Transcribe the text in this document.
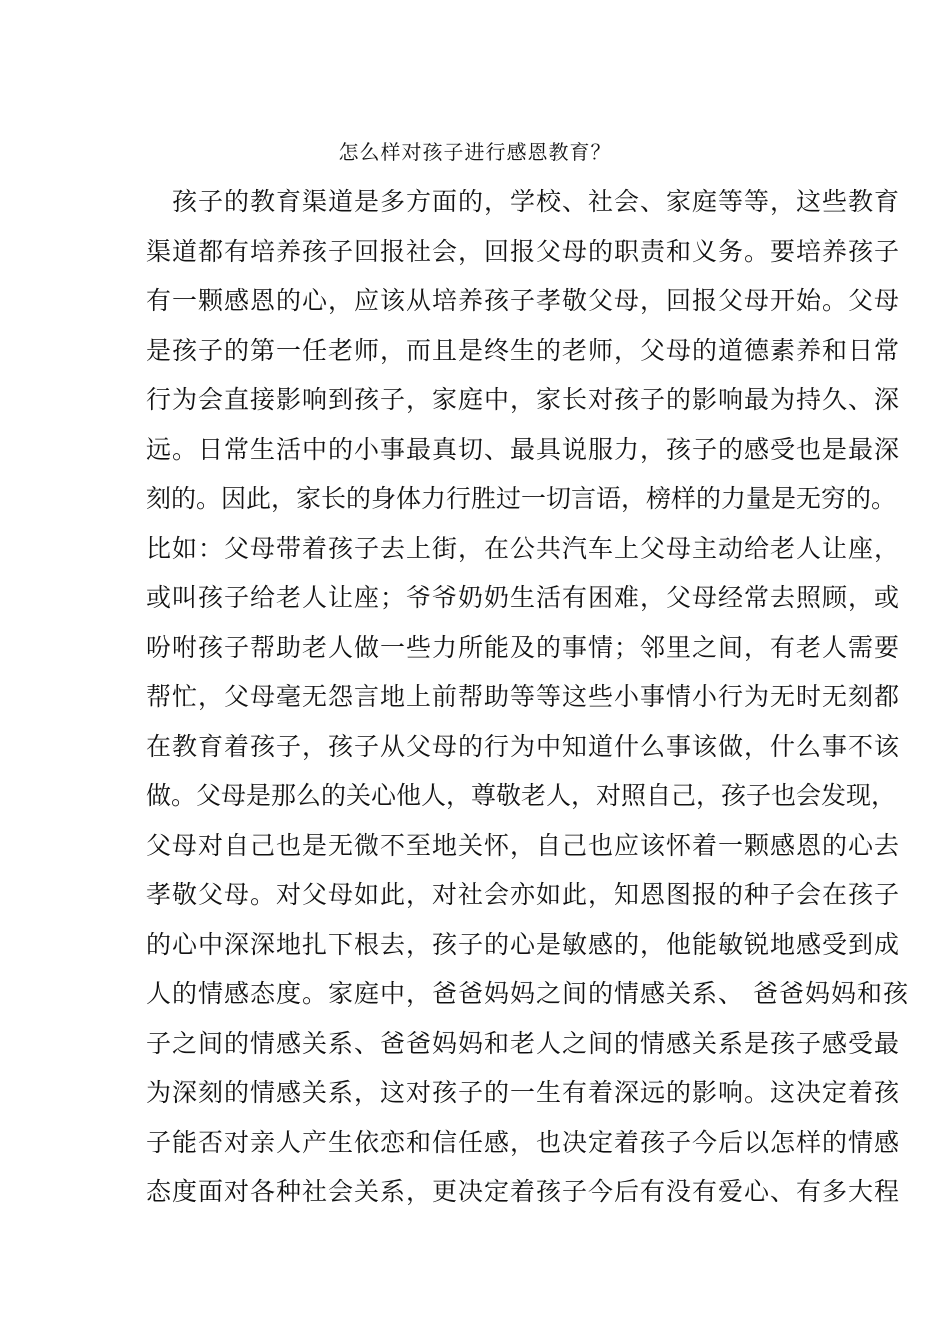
怎么样对孩子进行感恩教育？
孩子的教育渠道是多方面的，学校、社会、家庭等等，这些教育
渠道都有培养孩子回报社会，回报父母的职责和义务。要培养孩子
有一颗感恩的心，应该从培养孩子孝敬父母，回报父母开始。父母
是孩子的第一任老师，而且是终生的老师，父母的道德素养和日常
行为会直接影响到孩子，家庭中，家长对孩子的影响最为持久、深
远。日常生活中的小事最真切、最具说服力，孩子的感受也是最深
刻的。因此，家长的身体力行胜过一切言语，榜样的力量是无穷的。
比如：父母带着孩子去上街，在公共汽车上父母主动给老人让座，
或叫孩子给老人让座；爷爷奶奶生活有困难，父母经常去照顾，或
吩咐孩子帮助老人做一些力所能及的事情；邻里之间，有老人需要
帮忙，父母毫无怨言地上前帮助等等这些小事情小行为无时无刻都
在教育着孩子，孩子从父母的行为中知道什么事该做，什么事不该
做。父母是那么的关心他人，尊敬老人，对照自己，孩子也会发现，
父母对自己也是无微不至地关怀，自己也应该怀着一颗感恩的心去
孝敬父母。对父母如此，对社会亦如此，知恩图报的种子会在孩子
的心中深深地扎下根去，孩子的心是敏感的，他能敏锐地感受到成
人的情感态度。家庭中，爸爸妈妈之间的情感关系、 爸爸妈妈和孩
子之间的情感关系、爸爸妈妈和老人之间的情感关系是孩子感受最
为深刻的情感关系，这对孩子的一生有着深远的影响。这决定着孩
子能否对亲人产生依恋和信任感，也决定着孩子今后以怎样的情感
态度面对各种社会关系，更决定着孩子今后有没有爱心、有多大程
